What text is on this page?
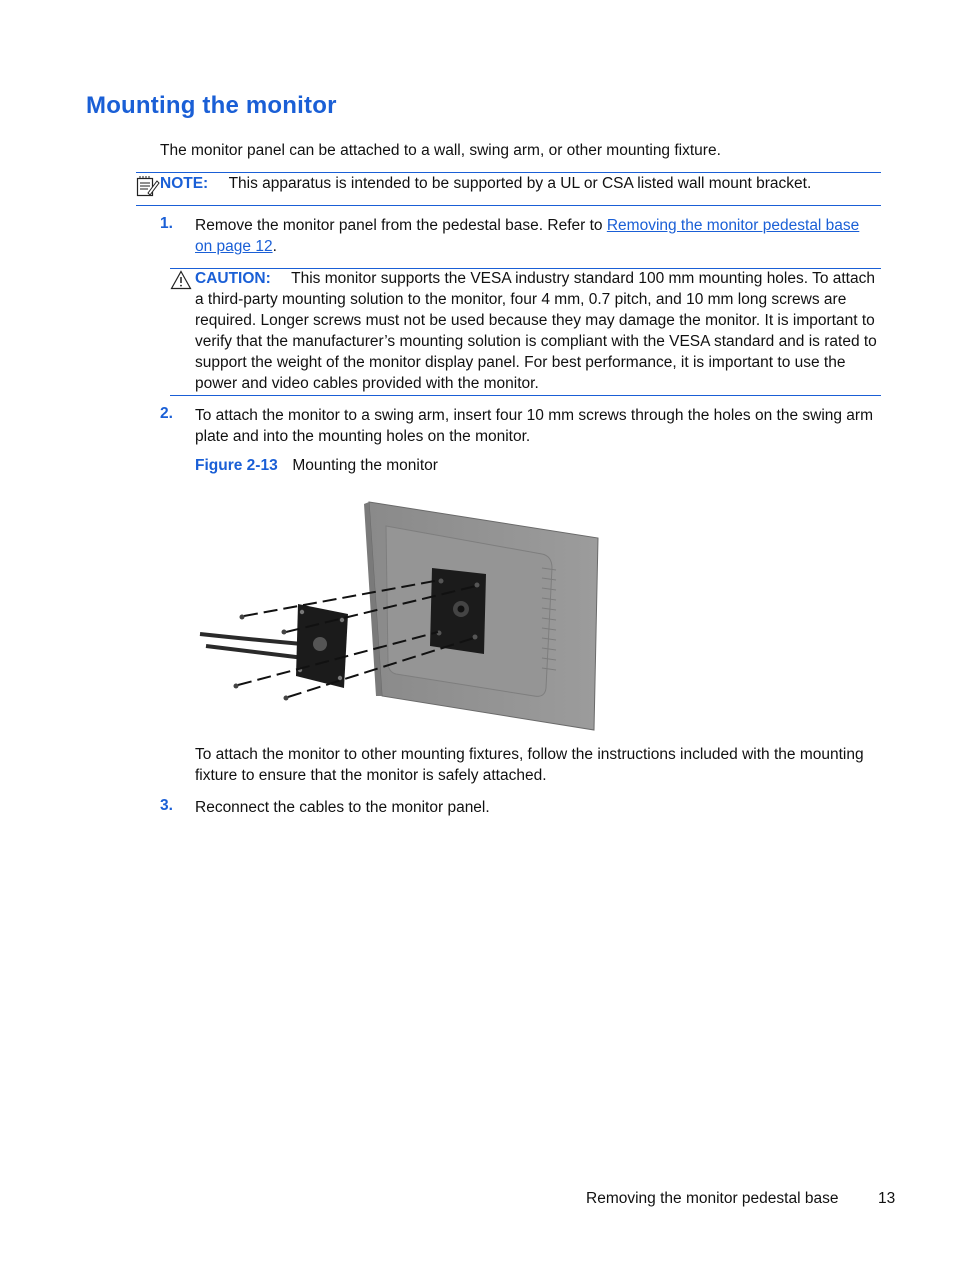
Mounting the monitor
The monitor panel can be attached to a wall, swing arm, or other mounting fixture.
NOTE: This apparatus is intended to be supported by a UL or CSA listed wall mount bracket.
1. Remove the monitor panel from the pedestal base. Refer to Removing the monitor pedestal base
on page 12.
CAUTION: This monitor supports the VESA industry standard 100 mm mounting holes. To attach a third-party mounting solution to the monitor, four 4 mm, 0.7 pitch, and 10 mm long screws are required. Longer screws must not be used because they may damage the monitor. It is important to verify that the manufacturer’s mounting solution is compliant with the VESA standard and is rated to support the weight of the monitor display panel. For best performance, it is important to use the power and video cables provided with the monitor.
2. To attach the monitor to a swing arm, insert four 10 mm screws through the holes on the swing arm plate and into the mounting holes on the monitor.
Figure 2-13 Mounting the monitor
To attach the monitor to other mounting fixtures, follow the instructions included with the mounting fixture to ensure that the monitor is safely attached.
3. Reconnect the cables to the monitor panel.
Removing the monitor pedestal base	13
